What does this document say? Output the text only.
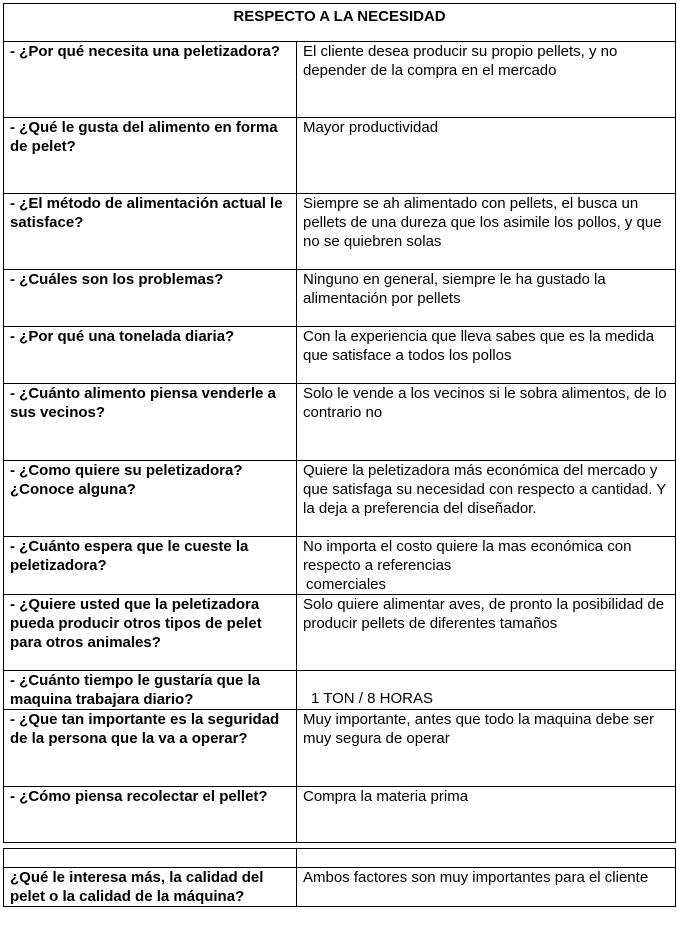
RESPECTO A LA NECESIDAD	
- ¿Por qué necesita una peletizadora?	El cliente desea producir su propio pellets, y no depender de la compra en el mercado
- ¿Qué le gusta del alimento en forma de pelet?	Mayor productividad
- ¿El método de alimentación actual le satisface?	Siempre se ah alimentado con pellets, el busca un pellets de una dureza que los asimile los pollos, y que no se quiebren solas
- ¿Cuáles son los problemas?	Ninguno en general, siempre le ha gustado la alimentación por pellets
- ¿Por qué una tonelada diaria?	Con la experiencia que lleva sabes que es la medida que satisface a todos los pollos
- ¿Cuánto alimento piensa venderle a sus vecinos?	Solo le vende a los vecinos si le sobra alimentos, de lo contrario no
- ¿Como quiere su peletizadora? ¿Conoce alguna?	Quiere la peletizadora más económica del mercado y que satisfaga su necesidad con respecto a cantidad. Y la deja a preferencia del diseñador.
- ¿Cuánto espera que le cueste la peletizadora?	No importa el costo quiere la mas económica con respecto a referencias
comerciales

- ¿Quiere usted que la peletizadora pueda producir otros tipos de pelet para otros animales?	Solo quiere alimentar aves, de pronto la posibilidad de producir pellets de diferentes tamaños
- ¿Cuánto tiempo le gustaría que la maquina trabajara diario?	1 TON / 8 HORAS

- ¿Que tan importante es la seguridad de la persona que la va a operar?	Muy importante, antes que todo la maquina debe ser muy segura de operar
- ¿Cómo piensa recolectar el pellet?	Compra la materia prima

¿Qué le interesa más, la calidad del pelet o la calidad de la máquina?	Ambos factores son muy importantes para el cliente
